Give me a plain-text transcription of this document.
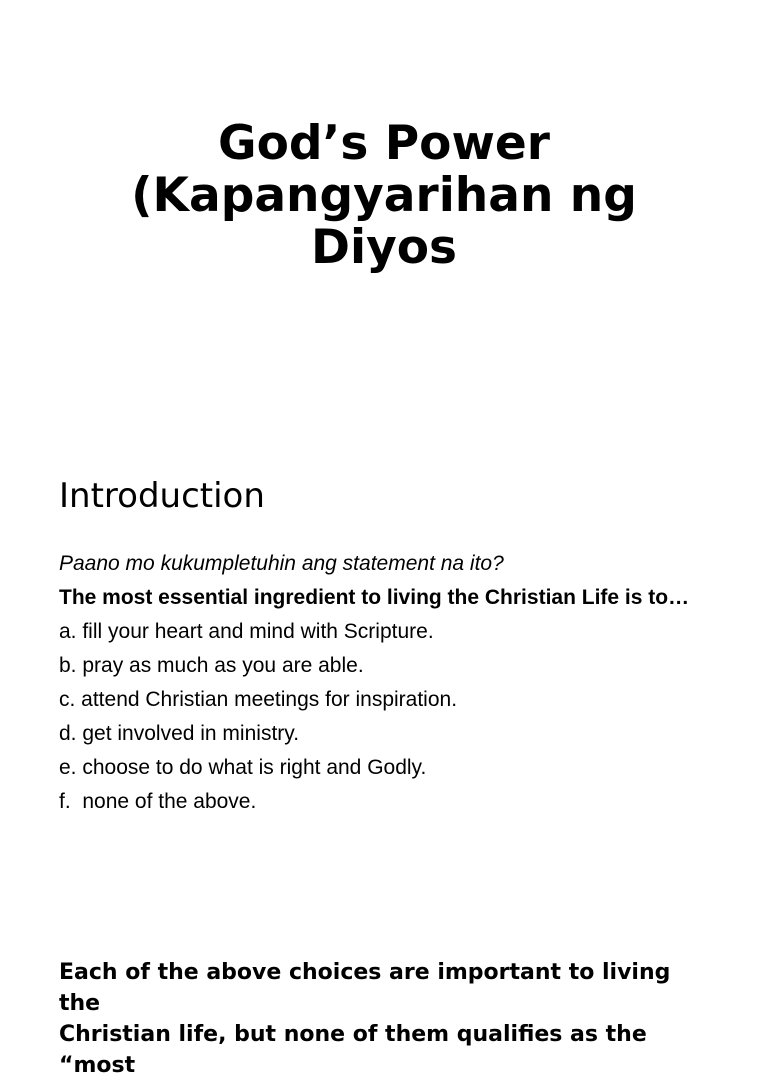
God’s Power
(Kapangyarihan ng
Diyos
Introduction
Paano mo kukumpletuhin ang statement na ito?
The most essential ingredient to living the Christian Life is to…
a. fill your heart and mind with Scripture.
b. pray as much as you are able.
c. attend Christian meetings for inspiration.
d. get involved in ministry.
e. choose to do what is right and Godly.
f.  none of the above.

Each of the above choices are important to living the
Christian life, but none of them qualifies as the “most
